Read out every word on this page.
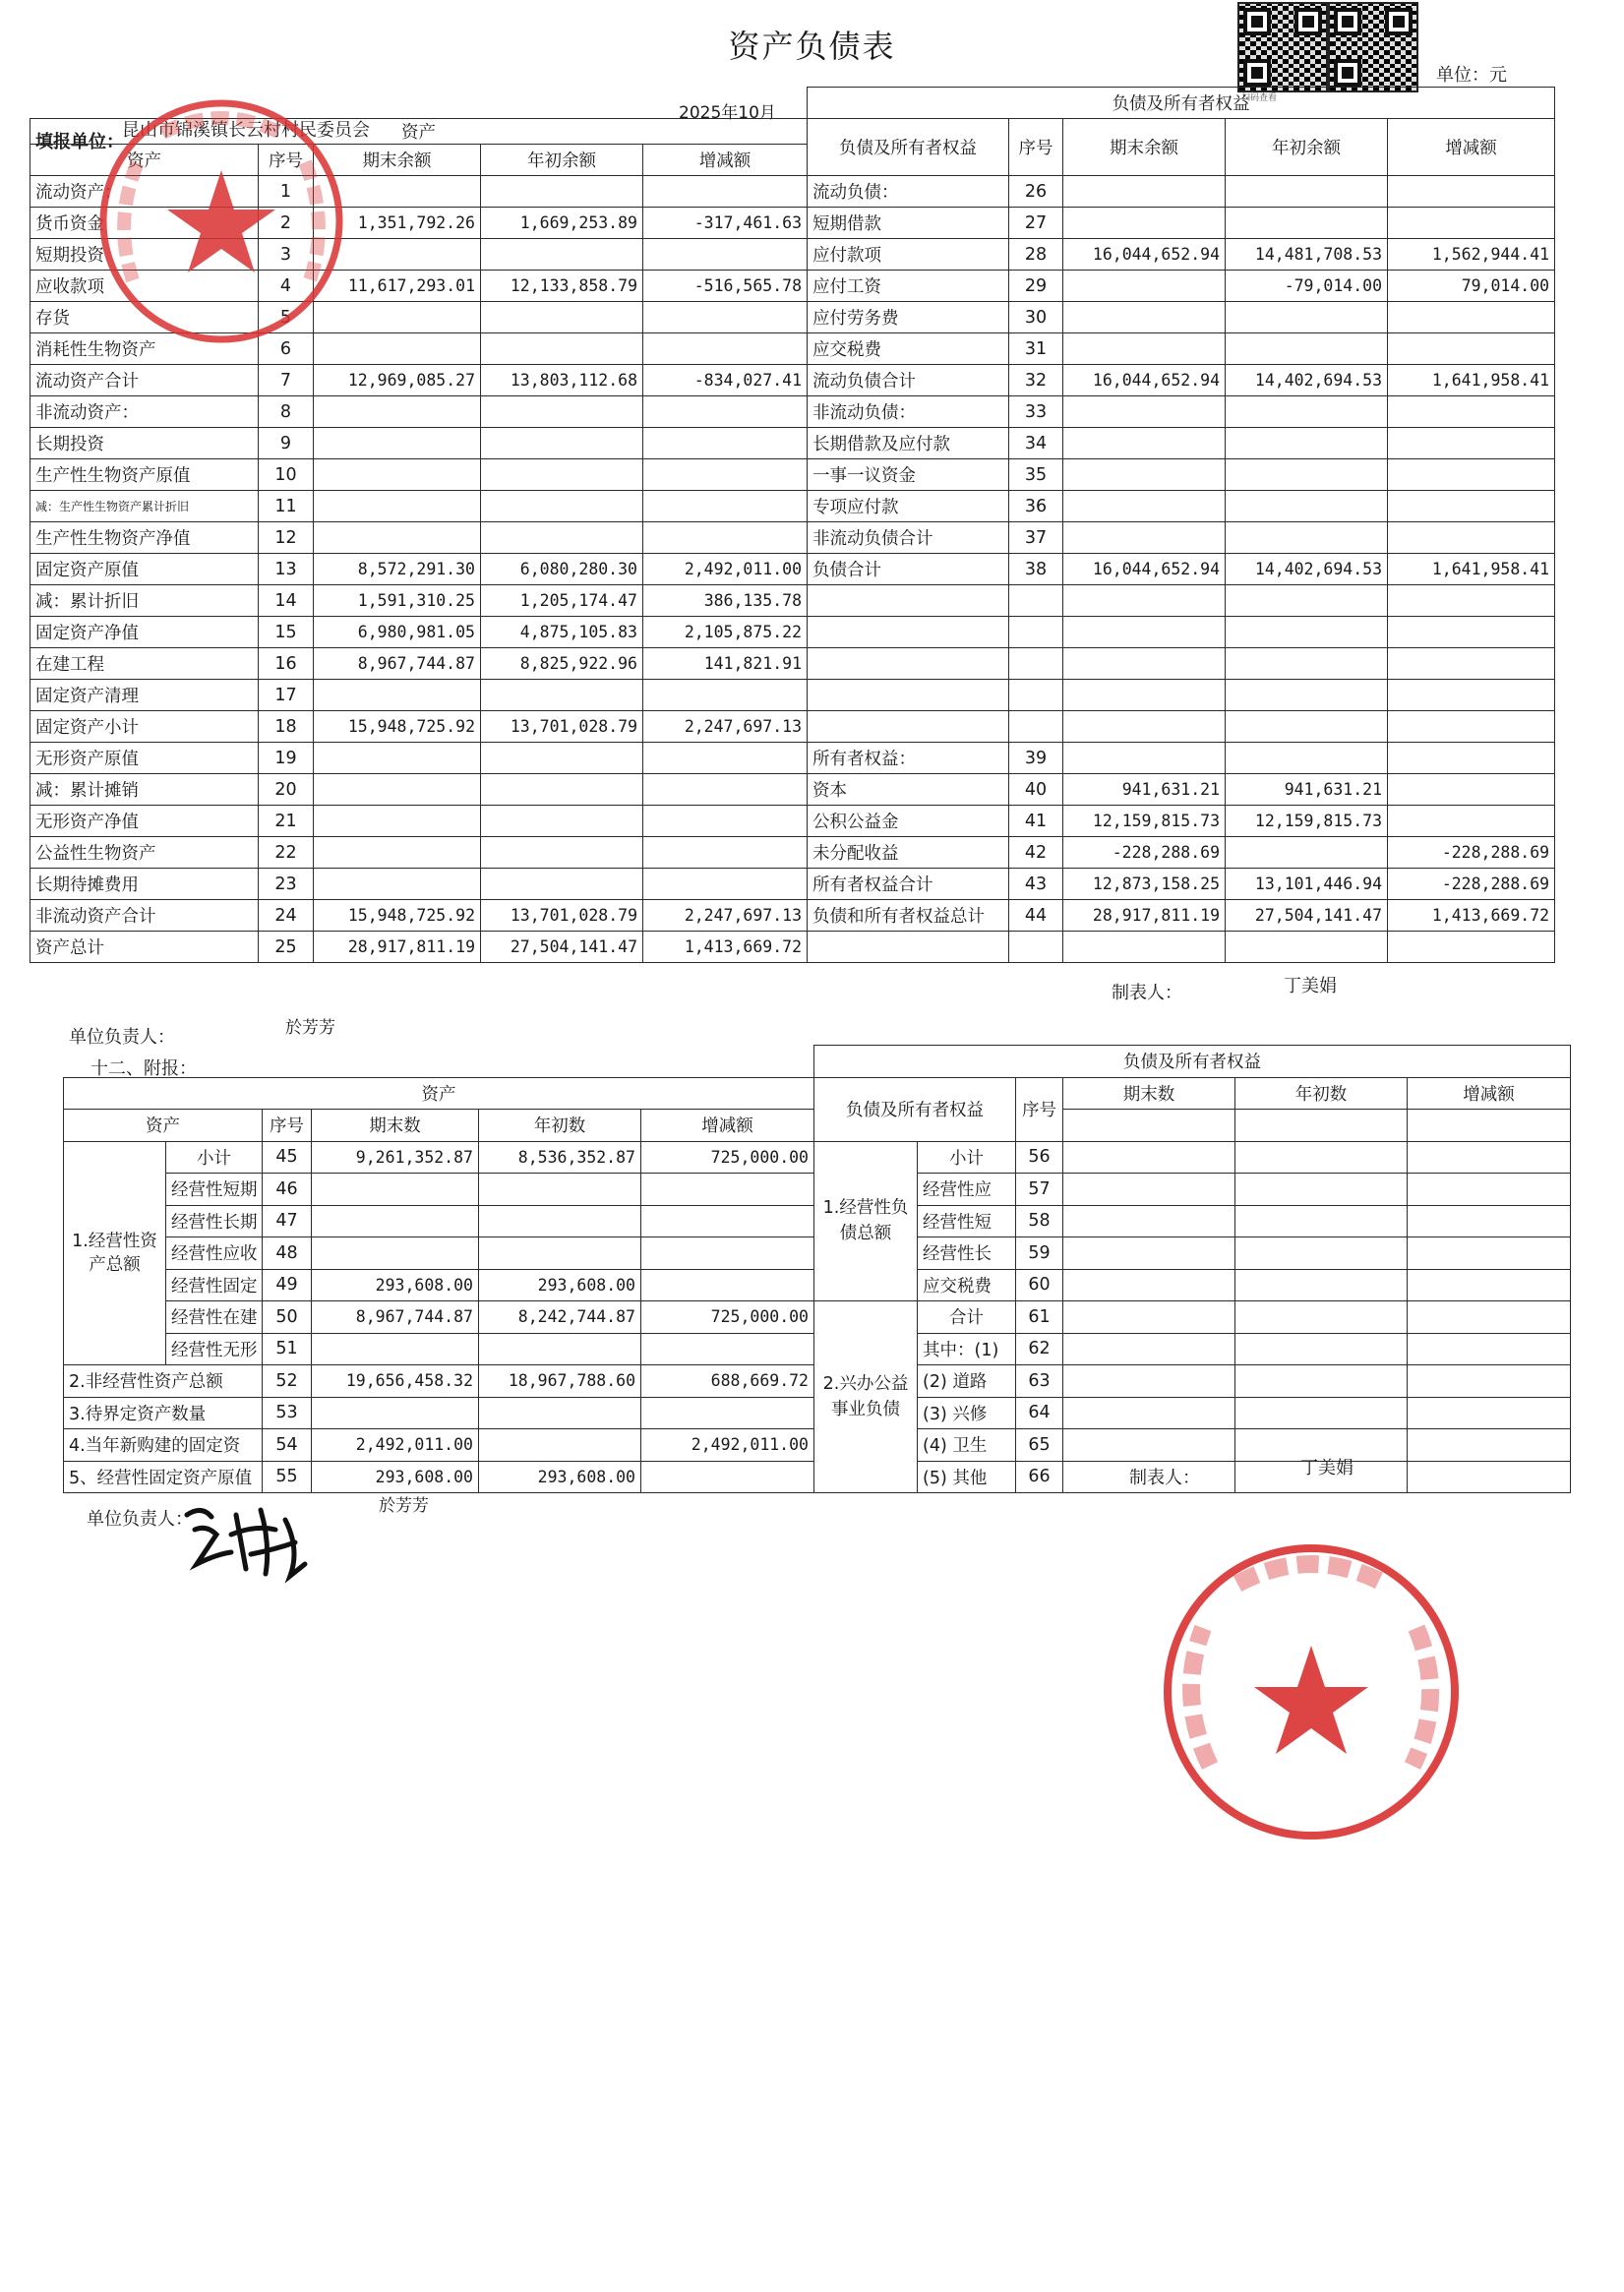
资产负债表
扫码查看
单位：元
2025年10月
填报单位：
昆山市锦溪镇长云村村民委员会
					负债及所有者权益				
资产					负债及所有者权益	序号	期末余额	年初余额	增减额
资产	序号	期末余额	年初余额	增减额					
流动资产：	1				流动负债：	26			
货币资金	2	1,351,792.26	1,669,253.89	-317,461.63	短期借款	27			
短期投资	3				应付款项	28	16,044,652.94	14,481,708.53	1,562,944.41
应收款项	4	11,617,293.01	12,133,858.79	-516,565.78	应付工资	29		-79,014.00	79,014.00
存货	5				应付劳务费	30			
消耗性生物资产	6				应交税费	31			
流动资产合计	7	12,969,085.27	13,803,112.68	-834,027.41	流动负债合计	32	16,044,652.94	14,402,694.53	1,641,958.41
非流动资产：	8				非流动负债：	33			
长期投资	9				长期借款及应付款	34			
生产性生物资产原值	10				一事一议资金	35			
减：生产性生物资产累计折旧	11				专项应付款	36			
生产性生物资产净值	12				非流动负债合计	37			
固定资产原值	13	8,572,291.30	6,080,280.30	2,492,011.00	负债合计	38	16,044,652.94	14,402,694.53	1,641,958.41
减：累计折旧	14	1,591,310.25	1,205,174.47	386,135.78					
固定资产净值	15	6,980,981.05	4,875,105.83	2,105,875.22					
在建工程	16	8,967,744.87	8,825,922.96	141,821.91					
固定资产清理	17								
固定资产小计	18	15,948,725.92	13,701,028.79	2,247,697.13					
无形资产原值	19				所有者权益：	39			
减：累计摊销	20				资本	40	941,631.21	941,631.21	
无形资产净值	21				公积公益金	41	12,159,815.73	12,159,815.73	
公益性生物资产	22				未分配收益	42	-228,288.69		-228,288.69
长期待摊费用	23				所有者权益合计	43	12,873,158.25	13,101,446.94	-228,288.69
非流动资产合计	24	15,948,725.92	13,701,028.79	2,247,697.13	负债和所有者权益总计	44	28,917,811.19	27,504,141.47	1,413,669.72
资产总计	25	28,917,811.19	27,504,141.47	1,413,669.72					
制表人：	丁美娟
单位负责人：	於芳芳
十二、附报：
						负债及所有者权益					
资产						负债及所有者权益		序号	期末数	年初数	增减额
资产		序号	期末数	年初数	增减额						
1.经营性资产总额	小计	45	9,261,352.87	8,536,352.87	725,000.00	1.经营性负债总额	小计	56			
	经营性短期	46					经营性应	57			
	经营性长期	47					经营性短	58			
	经营性应收	48					经营性长	59			
	经营性固定	49	293,608.00	293,608.00			应交税费	60			
	经营性在建	50	8,967,744.87	8,242,744.87	725,000.00	2.兴办公益事业负债	合计	61			
	经营性无形	51					其中：(1)	62			
2.非经营性资产总额		52	19,656,458.32	18,967,788.60	688,669.72		(2) 道路	63			
3.待界定资产数量		53					(3) 兴修	64			
4.当年新购建的固定资		54	2,492,011.00		2,492,011.00		(4) 卫生	65			
5、经营性固定资产原值		55	293,608.00	293,608.00			(5) 其他	66				制表人：	丁美娟
单位负责人：
於芳芳
